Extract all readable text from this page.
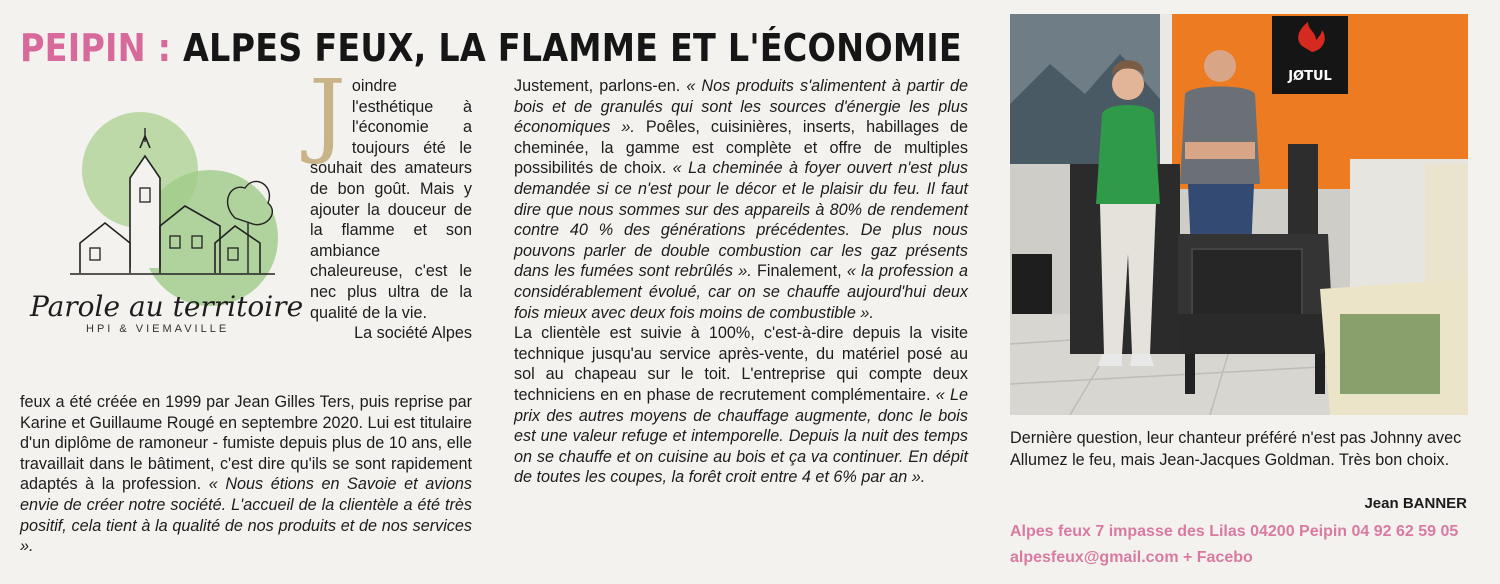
PEIPIN : ALPES FEUX, LA FLAMME ET L'ÉCONOMIE
Parole au territoire
HPI & VIEMAVILLE

J oindre l'esthétique à l'économie a toujours été le souhait des amateurs de bon goût. Mais y ajouter la douceur de la flamme et son ambiance chaleureuse, c'est le nec plus ultra de la qualité de la vie.

La société Alpes

feux a été créée en 1999 par Jean Gilles Ters, puis reprise par Karine et Guillaume Rougé en septembre 2020. Lui est titulaire d'un diplôme de ramoneur - fumiste depuis plus de 10 ans, elle travaillait dans le bâtiment, c'est dire qu'ils se sont rapidement adaptés à la profession. « Nous étions en Savoie et avions envie de créer notre société. L'accueil de la clientèle a été très positif, cela tient à la qualité de nos produits et de nos services ».

Justement, parlons-en. « Nos produits s'alimentent à partir de bois et de granulés qui sont les sources d'énergie les plus économiques ». Poêles, cuisinières, inserts, habillages de cheminée, la gamme est complète et offre de multiples possibilités de choix. « La cheminée à foyer ouvert n'est plus demandée si ce n'est pour le décor et le plaisir du feu. Il faut dire que nous sommes sur des appareils à 80% de rendement contre 40 % des générations précédentes. De plus nous pouvons parler de double combustion car les gaz présents dans les fumées sont rebrûlés ». Finalement, « la profession a considérablement évolué, car on se chauffe aujourd'hui deux fois mieux avec deux fois moins de combustible ».

La clientèle est suivie à 100%, c'est-à-dire depuis la visite technique jusqu'au service après-vente, du matériel posé au sol au chapeau sur le toit. L'entreprise qui compte deux techniciens en en phase de recrutement complémentaire. « Le prix des autres moyens de chauffage augmente, donc le bois est une valeur refuge et intemporelle. Depuis la nuit des temps on se chauffe et on cuisine au bois et ça va continuer. En dépit de toutes les coupes, la forêt croit entre 4 et 6% par an ».

JØTUL
Dernière question, leur chanteur préféré n'est pas Johnny avec Allumez le feu, mais Jean-Jacques Goldman. Très bon choix.
Jean BANNER
Alpes feux 7 impasse des Lilas 04200 Peipin 04 92 62 59 05 alpesfeux@gmail.com + Facebo
